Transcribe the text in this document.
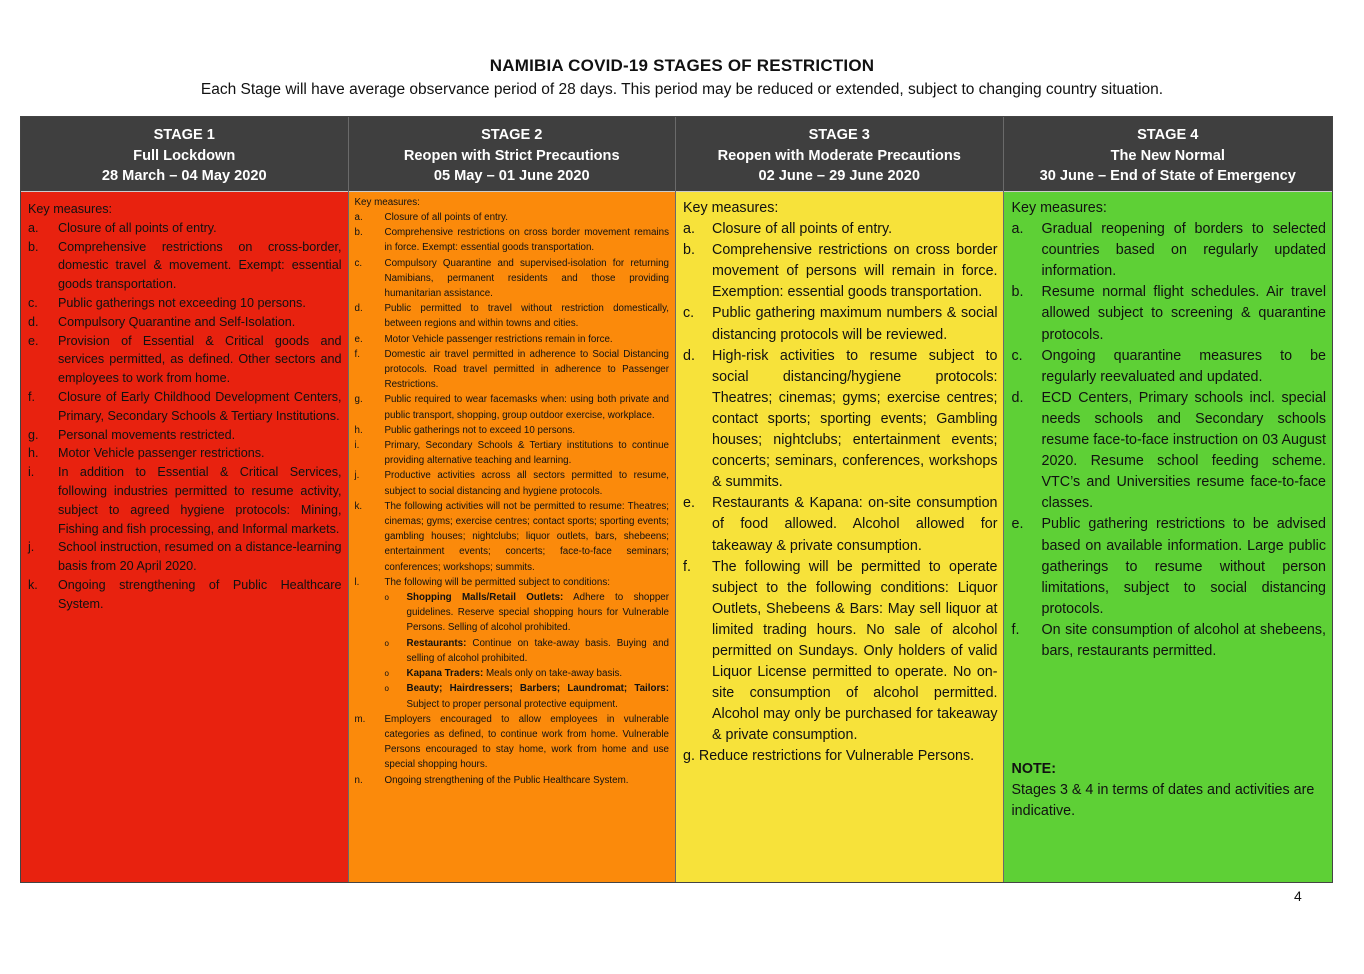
NAMIBIA COVID-19 STAGES OF RESTRICTION
Each Stage will have average observance period of 28 days. This period may be reduced or extended, subject to changing country situation.
STAGE 1
Full Lockdown
28 March – 04 May 2020

Key measures:

a. Closure of all points of entry.
b. Comprehensive restrictions on cross-border, domestic travel & movement. Exempt: essential goods transportation.
c. Public gatherings not exceeding 10 persons.
d. Compulsory Quarantine and Self-Isolation.
e. Provision of Essential & Critical goods and services permitted, as defined. Other sectors and employees to work from home.
f. Closure of Early Childhood Development Centers, Primary, Secondary Schools & Tertiary Institutions.
g. Personal movements restricted.
h. Motor Vehicle passenger restrictions.
i. In addition to Essential & Critical Services, following industries permitted to resume activity, subject to agreed hygiene protocols: Mining, Fishing and fish processing, and Informal markets.
j. School instruction, resumed on a distance-learning basis from 20 April 2020.
k. Ongoing strengthening of Public Healthcare System.
STAGE 2
Reopen with Strict Precautions
05 May – 01 June 2020

Key measures:

a. Closure of all points of entry.
b. Comprehensive restrictions on cross border movement remains in force. Exempt: essential goods transportation.
c. Compulsory Quarantine and supervised-isolation for returning Namibians, permanent residents and those providing humanitarian assistance.
d. Public permitted to travel without restriction domestically, between regions and within towns and cities.
e. Motor Vehicle passenger restrictions remain in force.
f.	Domestic air travel permitted in adherence to Social Distancing protocols. Road travel permitted in adherence to Passenger Restrictions.
g. Public required to wear facemasks when: using both private and public transport, shopping, group outdoor exercise, workplace.
h. Public gatherings not to exceed 10 persons.
i.	Primary, Secondary Schools & Tertiary institutions to continue providing alternative teaching and learning.
j.	Productive activities across all sectors permitted to resume, subject to social distancing and hygiene protocols.
k. The following activities will not be permitted to resume: Theatres; cinemas; gyms; exercise centres; contact sports; sporting events; gambling houses; nightclubs; liquor outlets, bars, shebeens; entertainment events; concerts; face-to-face seminars; conferences; workshops; summits.
l.	The following will be permitted subject to conditions:
o Shopping Malls/Retail Outlets: Adhere to shopper guidelines. Reserve special shopping hours for Vulnerable Persons. Selling of alcohol prohibited.
o Restaurants: Continue on take-away basis. Buying and selling of alcohol prohibited.
o Kapana Traders: Meals only on take-away basis.
o Beauty; Hairdressers; Barbers; Laundromat; Tailors: Subject to proper personal protective equipment.
m. Employers encouraged to allow employees in vulnerable categories as defined, to continue work from home. Vulnerable Persons encouraged to stay home, work from home and use special shopping hours.
n. Ongoing strengthening of the Public Healthcare System.
STAGE 3
Reopen with Moderate Precautions
02 June – 29 June 2020

Key measures:

a. Closure of all points of entry.
b. Comprehensive restrictions on cross border movement of persons will remain in force. Exemption: essential goods transportation.
c. Public gathering maximum numbers & social distancing protocols will be reviewed.
d. High-risk activities to resume subject to social distancing/hygiene protocols: Theatres; cinemas; gyms; exercise centres; contact sports; sporting events; Gambling houses; nightclubs; entertainment events; concerts; seminars, conferences, workshops & summits.
e. Restaurants & Kapana: on-site consumption of food allowed. Alcohol allowed for takeaway & private consumption.
f. The following will be permitted to operate subject to the following conditions: Liquor Outlets, Shebeens & Bars: May sell liquor at limited trading hours. No sale of alcohol permitted on Sundays. Only holders of valid Liquor License permitted to operate. No on-site consumption of alcohol permitted. Alcohol may only be purchased for takeaway & private consumption.
g. Reduce restrictions for Vulnerable Persons.
STAGE 4
The New Normal
30 June – End of State of Emergency

Key measures:

a. Gradual reopening of borders to selected countries based on regularly updated information.
b. Resume normal flight schedules. Air travel allowed subject to screening & quarantine protocols.
c. Ongoing quarantine measures to be regularly reevaluated and updated.
d. ECD Centers, Primary schools incl. special needs schools and Secondary schools resume face-to-face instruction on 03 August 2020. Resume school feeding scheme. VTC’s and Universities resume face-to-face classes.
e. Public gathering restrictions to be advised based on available information. Large public gatherings to resume without person limitations, subject to social distancing protocols.
f. On site consumption of alcohol at shebeens, bars, restaurants permitted.
NOTE:
Stages 3 & 4 in terms of dates and activities are indicative.
4
